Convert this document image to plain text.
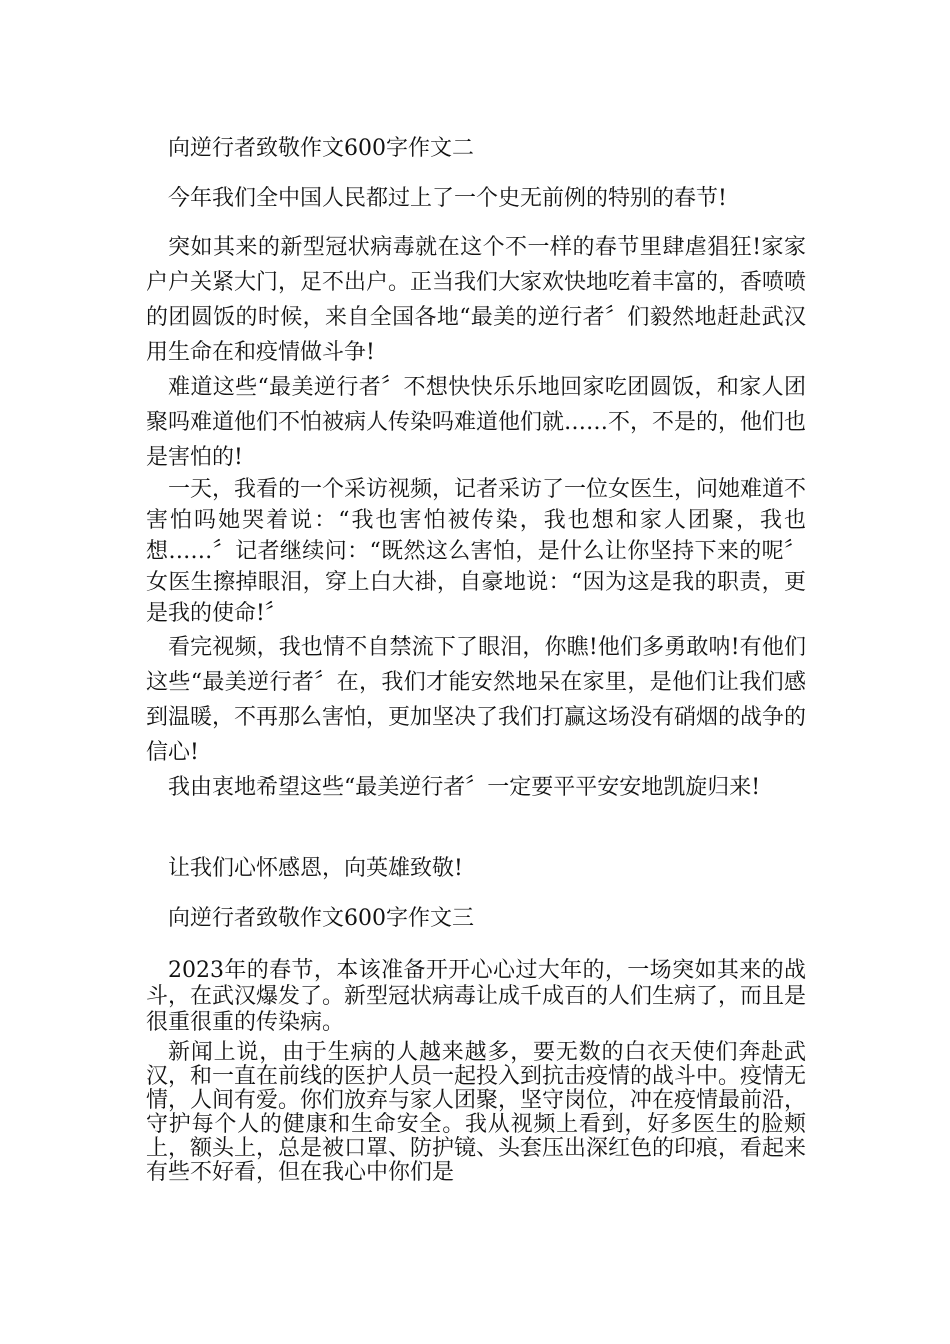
向逆行者致敬作文600字作文二

今年我们全中国人民都过上了一个史无前例的特别的春节!

突如其来的新型冠状病毒就在这个不一样的春节里肆虐猖狂!家家户户关紧大门，足不出户。正当我们大家欢快地吃着丰富的，香喷喷的团圆饭的时候，来自全国各地“最美的逆行者〞们毅然地赶赴武汉用生命在和疫情做斗争!

难道这些“最美逆行者〞不想快快乐乐地回家吃团圆饭，和家人团聚吗难道他们不怕被病人传染吗难道他们就……不，不是的，他们也是害怕的!

一天，我看的一个采访视频，记者采访了一位女医生，问她难道不害怕吗她哭着说：“我也害怕被传染，我也想和家人团聚，我也想……〞记者继续问：“既然这么害怕，是什么让你坚持下来的呢〞女医生擦掉眼泪，穿上白大褂，自豪地说：“因为这是我的职责，更是我的使命!〞

看完视频，我也情不自禁流下了眼泪，你瞧!他们多勇敢呐!有他们这些“最美逆行者〞在，我们才能安然地呆在家里，是他们让我们感到温暖，不再那么害怕，更加坚决了我们打赢这场没有硝烟的战争的信心!

我由衷地希望这些“最美逆行者〞一定要平平安安地凯旋归来!

让我们心怀感恩，向英雄致敬!

向逆行者致敬作文600字作文三

2023年的春节，本该准备开开心心过大年的，一场突如其来的战斗，在武汉爆发了。新型冠状病毒让成千成百的人们生病了，而且是很重很重的传染病。

新闻上说，由于生病的人越来越多，要无数的白衣天使们奔赴武汉，和一直在前线的医护人员一起投入到抗击疫情的战斗中。疫情无情，人间有爱。你们放弃与家人团聚，坚守岗位，冲在疫情最前沿，守护每个人的健康和生命安全。我从视频上看到，好多医生的脸颊上，额头上，总是被口罩、防护镜、头套压出深红色的印痕，看起来有些不好看，但在我心中你们是
